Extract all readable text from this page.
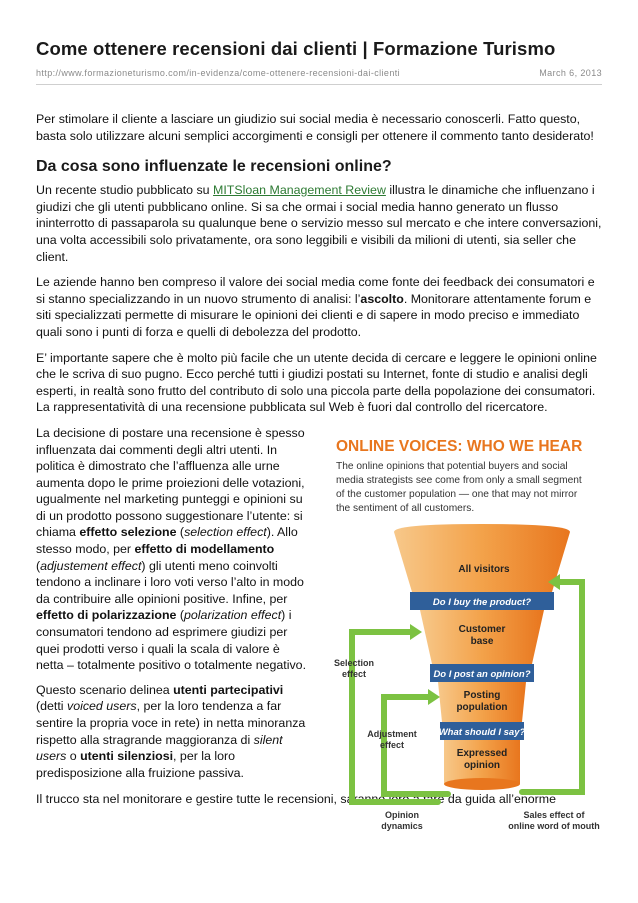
Come ottenere recensioni dai clienti | Formazione Turismo
http://www.formazioneturismo.com/in-evidenza/come-ottenere-recensioni-dai-clienti	March 6, 2013

Per stimolare il cliente a lasciare un giudizio sui social media è necessario conoscerli. Fatto questo, basta solo utilizzare alcuni semplici accorgimenti e consigli per ottenere il commento tanto desiderato!

Da cosa sono influenzate le recensioni online?

Un recente studio pubblicato su MITSloan Management Review illustra le dinamiche che influenzano i giudizi che gli utenti pubblicano online. Si sa che ormai i social media hanno generato un flusso ininterrotto di passaparola su qualunque bene o servizio messo sul mercato e che intere conversazioni, una volta accessibili solo privatamente, ora sono leggibili e visibili da milioni di utenti, sia seller che client.

Le aziende hanno ben compreso il valore dei social media come fonte dei feedback dei consumatori e si stanno specializzando in un nuovo strumento di analisi: l’ascolto. Monitorare attentamente forum e siti specializzati permette di misurare le opinioni dei clienti e di sapere in modo preciso e immediato quali sono i punti di forza e quelli di debolezza del prodotto.

E’ importante sapere che è molto più facile che un utente decida di cercare e leggere le opinioni online che le scriva di suo pugno. Ecco perché tutti i giudizi postati su Internet, fonte di studio e analisi degli esperti, in realtà sono frutto del contributo di solo una piccola parte della popolazione dei consumatori. La rappresentatività di una recensione pubblicata sul Web è fuori dal controllo del ricercatore.

ONLINE VOICES: WHO WE HEAR
The online opinions that potential buyers and social
media strategists see come from only a small segment
of the customer population — one that may not mirror
the sentiment of all customers.
All visitors
Customer
base
Posting
population
Expressed
opinion
Do I buy the product?
Do I post an opinion?
What should I say?
Selection
effect
Adjustment
effect
Opinion
dynamics
Sales effect of
online word of mouth

La decisione di postare una recensione è spesso influenzata dai commenti degli altri utenti. In politica è dimostrato che l’affluenza alle urne aumenta dopo le prime proiezioni delle votazioni, ugualmente nel marketing punteggi e opinioni su di un prodotto possono suggestionare l’utente: si chiama effetto selezione (selection effect). Allo stesso modo, per effetto di modellamento (adjustement effect) gli utenti meno coinvolti tendono a inclinare i loro voti verso l’alto in modo da contribuire alle opinioni positive. Infine, per effetto di polarizzazione (polarization effect) i consumatori tendono ad esprimere giudizi per quei prodotti verso i quali la scala di valore è netta – totalmente positivo o totalmente negativo.

Questo scenario delinea utenti partecipativi (detti voiced users, per la loro tendenza a far sentire la propria voce in rete) in netta minoranza rispetto alla stragrande maggioranza di silent users o utenti silenziosi, per la loro predisposizione alla fruizione passiva.

Il trucco sta nel monitorare e gestire tutte le recensioni, saranno loro a fare da guida all’enorme
